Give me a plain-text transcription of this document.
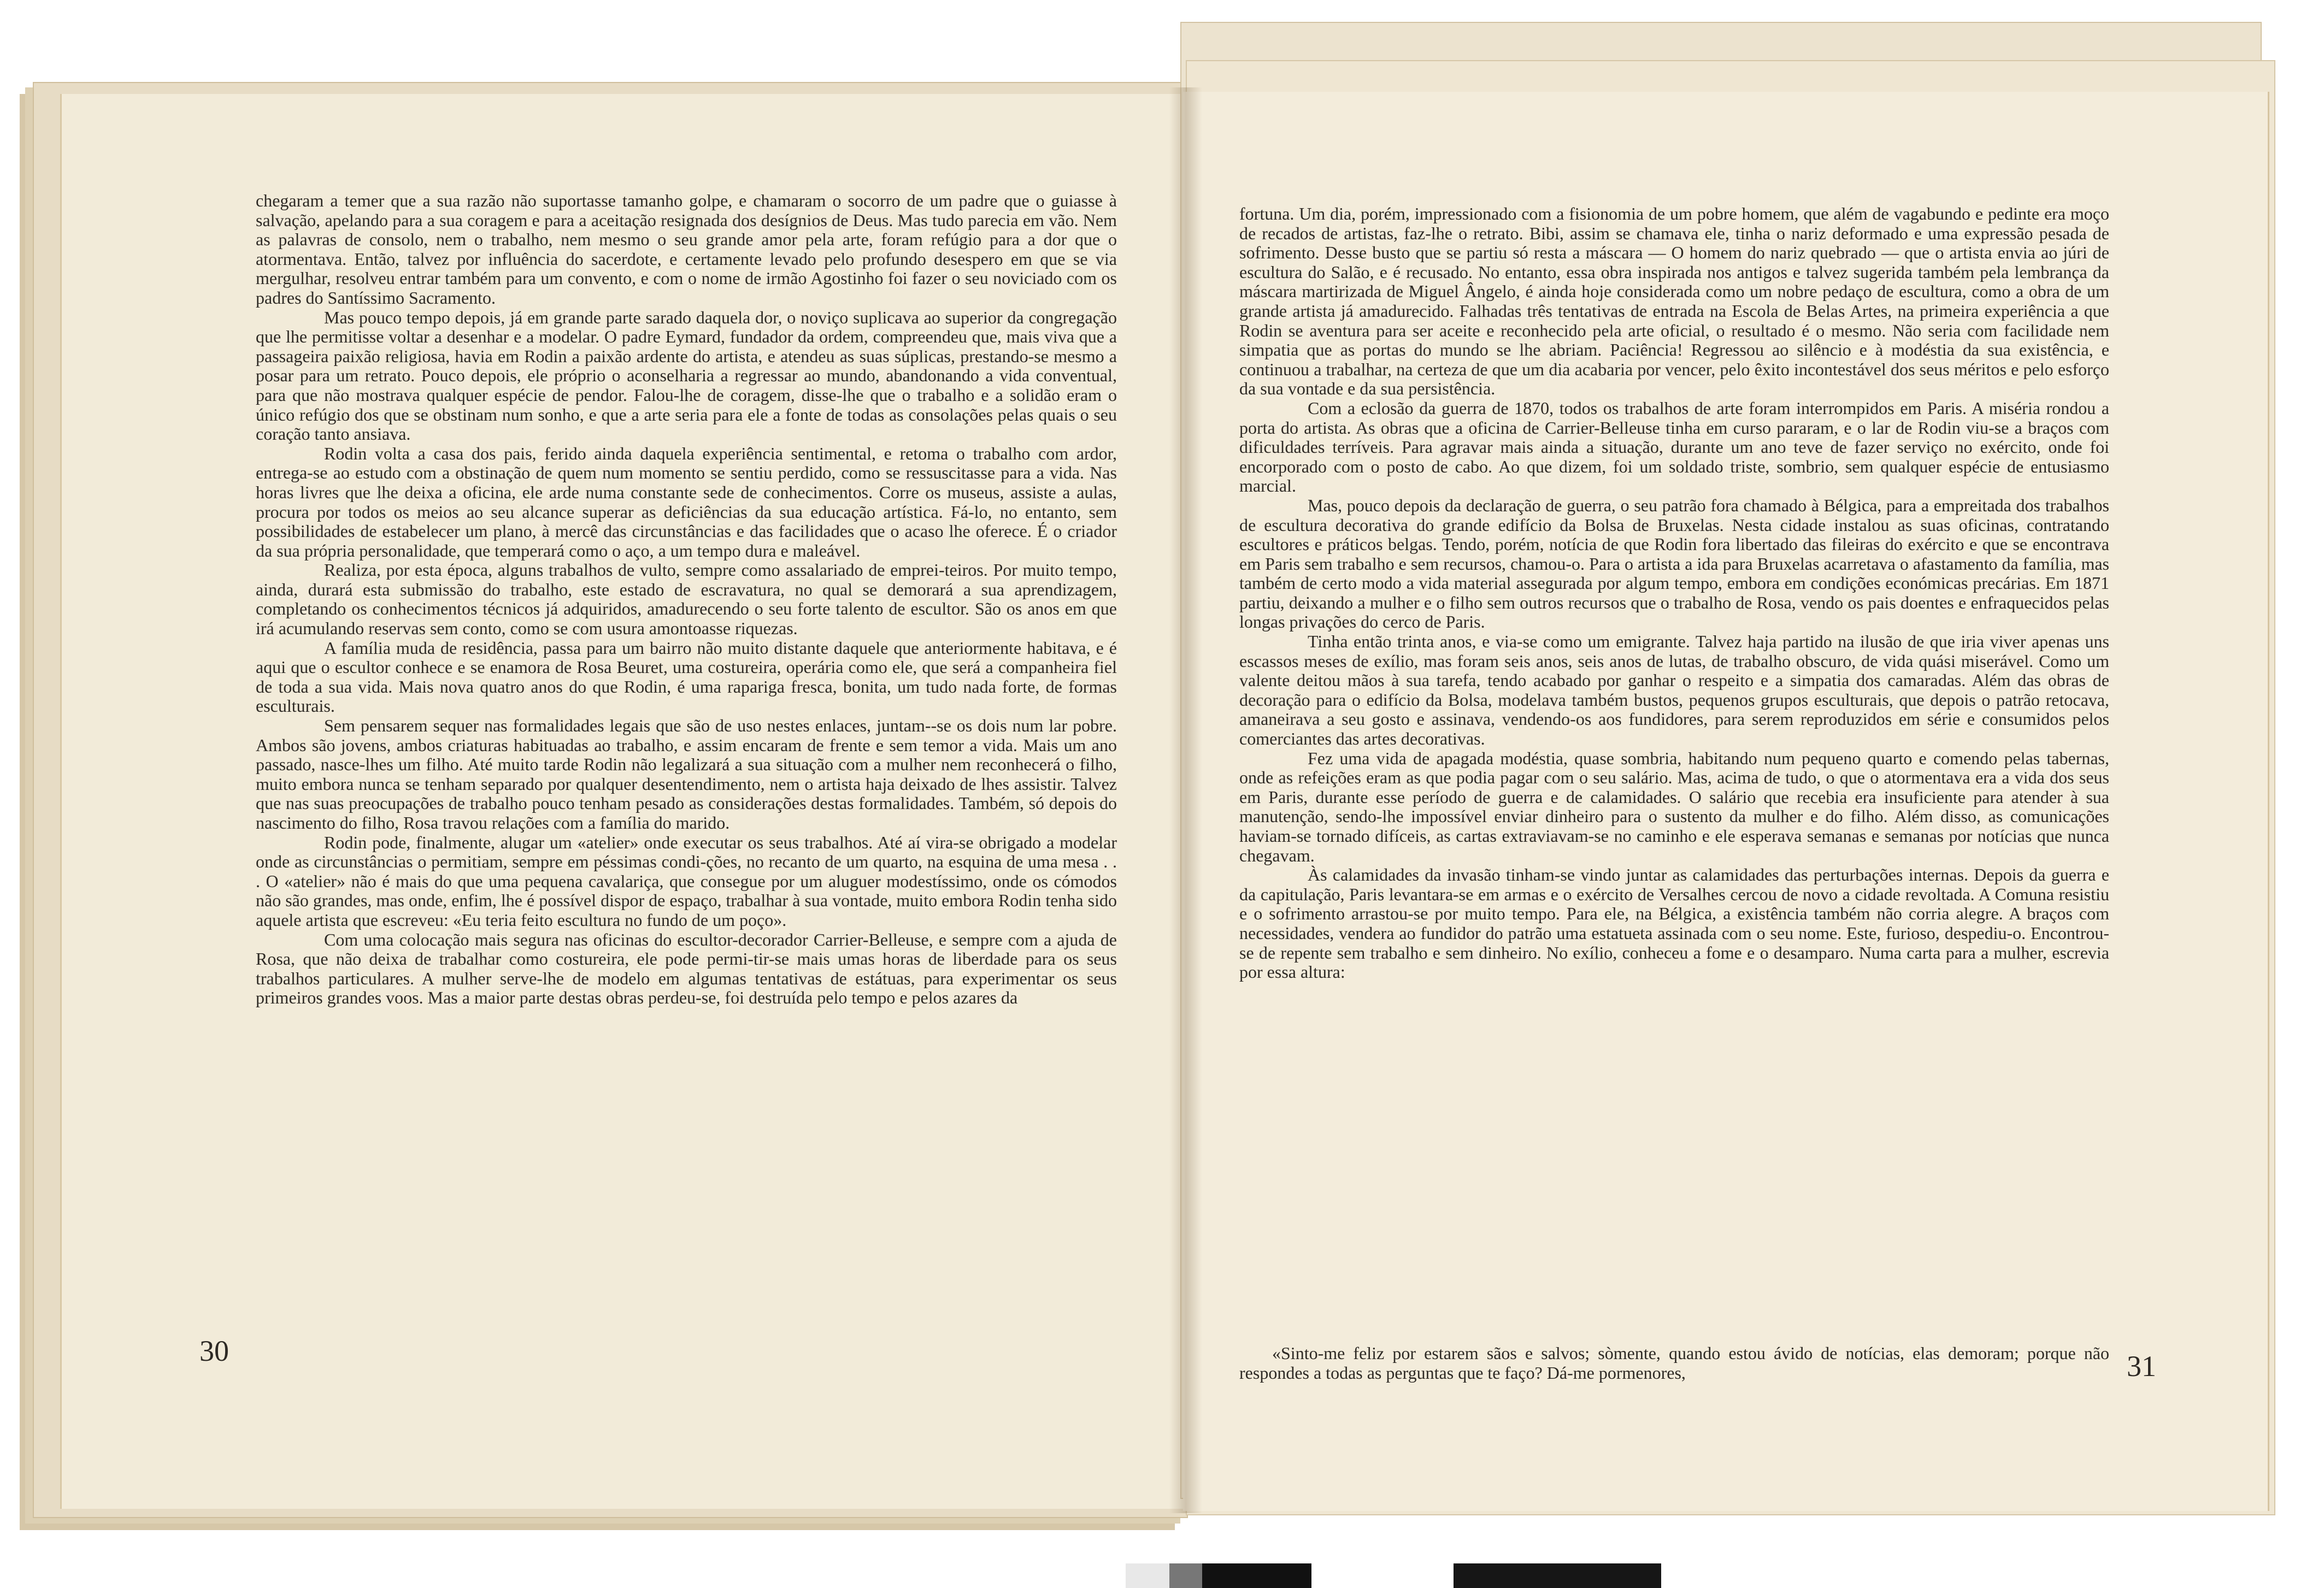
chegaram a temer que a sua razão não suportasse tamanho golpe, e chamaram o socorro de um padre que o guiasse à salvação, apelando para a sua coragem e para a aceitação resignada dos desígnios de Deus. Mas tudo parecia em vão. Nem as palavras de consolo, nem o trabalho, nem mesmo o seu grande amor pela arte, foram refúgio para a dor que o atormentava. Então, talvez por influência do sacerdote, e certamente levado pelo profundo desespero em que se via mergulhar, resolveu entrar também para um convento, e com o nome de irmão Agostinho foi fazer o seu noviciado com os padres do Santíssimo Sacramento.

Mas pouco tempo depois, já em grande parte sarado daquela dor, o noviço suplicava ao superior da congregação que lhe permitisse voltar a desenhar e a modelar. O padre Eymard, fundador da ordem, compreendeu que, mais viva que a passageira paixão religiosa, havia em Rodin a paixão ardente do artista, e atendeu as suas súplicas, prestando-se mesmo a posar para um retrato. Pouco depois, ele próprio o aconselharia a regressar ao mundo, abandonando a vida conventual, para que não mostrava qualquer espécie de pendor. Falou-lhe de coragem, disse-lhe que o trabalho e a solidão eram o único refúgio dos que se obstinam num sonho, e que a arte seria para ele a fonte de todas as consolações pelas quais o seu coração tanto ansiava.

Rodin volta a casa dos pais, ferido ainda daquela experiência sentimental, e retoma o trabalho com ardor, entrega-se ao estudo com a obstinação de quem num momento se sentiu perdido, como se ressuscitasse para a vida. Nas horas livres que lhe deixa a oficina, ele arde numa constante sede de conhecimentos. Corre os museus, assiste a aulas, procura por todos os meios ao seu alcance superar as deficiências da sua educação artística. Fá-lo, no entanto, sem possibilidades de estabelecer um plano, à mercê das circunstâncias e das facilidades que o acaso lhe oferece. É o criador da sua própria personalidade, que temperará como o aço, a um tempo dura e maleável.

Realiza, por esta época, alguns trabalhos de vulto, sempre como assalariado de emprei-teiros. Por muito tempo, ainda, durará esta submissão do trabalho, este estado de escravatura, no qual se demorará a sua aprendizagem, completando os conhecimentos técnicos já adquiridos, amadurecendo o seu forte talento de escultor. São os anos em que irá acumulando reservas sem conto, como se com usura amontoasse riquezas.

A família muda de residência, passa para um bairro não muito distante daquele que anteriormente habitava, e é aqui que o escultor conhece e se enamora de Rosa Beuret, uma costureira, operária como ele, que será a companheira fiel de toda a sua vida. Mais nova quatro anos do que Rodin, é uma rapariga fresca, bonita, um tudo nada forte, de formas esculturais.

Sem pensarem sequer nas formalidades legais que são de uso nestes enlaces, juntam--se os dois num lar pobre. Ambos são jovens, ambos criaturas habituadas ao trabalho, e assim encaram de frente e sem temor a vida. Mais um ano passado, nasce-lhes um filho. Até muito tarde Rodin não legalizará a sua situação com a mulher nem reconhecerá o filho, muito embora nunca se tenham separado por qualquer desentendimento, nem o artista haja deixado de lhes assistir. Talvez que nas suas preocupações de trabalho pouco tenham pesado as considerações destas formalidades. Também, só depois do nascimento do filho, Rosa travou relações com a família do marido.

Rodin pode, finalmente, alugar um «atelier» onde executar os seus trabalhos. Até aí vira-se obrigado a modelar onde as circunstâncias o permitiam, sempre em péssimas condi-ções, no recanto de um quarto, na esquina de uma mesa . . . O «atelier» não é mais do que uma pequena cavalariça, que consegue por um aluguer modestíssimo, onde os cómodos não são grandes, mas onde, enfim, lhe é possível dispor de espaço, trabalhar à sua vontade, muito embora Rodin tenha sido aquele artista que escreveu: «Eu teria feito escultura no fundo de um poço».

Com uma colocação mais segura nas oficinas do escultor-decorador Carrier-Belleuse, e sempre com a ajuda de Rosa, que não deixa de trabalhar como costureira, ele pode permi-tir-se mais umas horas de liberdade para os seus trabalhos particulares. A mulher serve-lhe de modelo em algumas tentativas de estátuas, para experimentar os seus primeiros grandes voos. Mas a maior parte destas obras perdeu-se, foi destruída pelo tempo e pelos azares da

30

fortuna. Um dia, porém, impressionado com a fisionomia de um pobre homem, que além de vagabundo e pedinte era moço de recados de artistas, faz-lhe o retrato. Bibi, assim se chamava ele, tinha o nariz deformado e uma expressão pesada de sofrimento. Desse busto que se partiu só resta a máscara — O homem do nariz quebrado — que o artista envia ao júri de escultura do Salão, e é recusado. No entanto, essa obra inspirada nos antigos e talvez sugerida também pela lembrança da máscara martirizada de Miguel Ângelo, é ainda hoje considerada como um nobre pedaço de escultura, como a obra de um grande artista já amadurecido. Falhadas três tentativas de entrada na Escola de Belas Artes, na primeira experiência a que Rodin se aventura para ser aceite e reconhecido pela arte oficial, o resultado é o mesmo. Não seria com facilidade nem simpatia que as portas do mundo se lhe abriam. Paciência! Regressou ao silêncio e à modéstia da sua existência, e continuou a trabalhar, na certeza de que um dia acabaria por vencer, pelo êxito incontestável dos seus méritos e pelo esforço da sua vontade e da sua persistência.

Com a eclosão da guerra de 1870, todos os trabalhos de arte foram interrompidos em Paris. A miséria rondou a porta do artista. As obras que a oficina de Carrier-Belleuse tinha em curso pararam, e o lar de Rodin viu-se a braços com dificuldades terríveis. Para agravar mais ainda a situação, durante um ano teve de fazer serviço no exército, onde foi encorporado com o posto de cabo. Ao que dizem, foi um soldado triste, sombrio, sem qualquer espécie de entusiasmo marcial.

Mas, pouco depois da declaração de guerra, o seu patrão fora chamado à Bélgica, para a empreitada dos trabalhos de escultura decorativa do grande edifício da Bolsa de Bruxelas. Nesta cidade instalou as suas oficinas, contratando escultores e práticos belgas. Tendo, porém, notícia de que Rodin fora libertado das fileiras do exército e que se encontrava em Paris sem trabalho e sem recursos, chamou-o. Para o artista a ida para Bruxelas acarretava o afastamento da família, mas também de certo modo a vida material assegurada por algum tempo, embora em condições económicas precárias. Em 1871 partiu, deixando a mulher e o filho sem outros recursos que o trabalho de Rosa, vendo os pais doentes e enfraquecidos pelas longas privações do cerco de Paris.

Tinha então trinta anos, e via-se como um emigrante. Talvez haja partido na ilusão de que iria viver apenas uns escassos meses de exílio, mas foram seis anos, seis anos de lutas, de trabalho obscuro, de vida quási miserável. Como um valente deitou mãos à sua tarefa, tendo acabado por ganhar o respeito e a simpatia dos camaradas. Além das obras de decoração para o edifício da Bolsa, modelava também bustos, pequenos grupos esculturais, que depois o patrão retocava, amaneirava a seu gosto e assinava, vendendo-os aos fundidores, para serem reproduzidos em série e consumidos pelos comerciantes das artes decorativas.

Fez uma vida de apagada modéstia, quase sombria, habitando num pequeno quarto e comendo pelas tabernas, onde as refeições eram as que podia pagar com o seu salário. Mas, acima de tudo, o que o atormentava era a vida dos seus em Paris, durante esse período de guerra e de calamidades. O salário que recebia era insuficiente para atender à sua manutenção, sendo-lhe impossível enviar dinheiro para o sustento da mulher e do filho. Além disso, as comunicações haviam-se tornado difíceis, as cartas extraviavam-se no caminho e ele esperava semanas e semanas por notícias que nunca chegavam.

Às calamidades da invasão tinham-se vindo juntar as calamidades das perturbações internas. Depois da guerra e da capitulação, Paris levantara-se em armas e o exército de Versalhes cercou de novo a cidade revoltada. A Comuna resistiu e o sofrimento arrastou-se por muito tempo. Para ele, na Bélgica, a existência também não corria alegre. A braços com necessidades, vendera ao fundidor do patrão uma estatueta assinada com o seu nome. Este, furioso, despediu-o. Encontrou-se de repente sem trabalho e sem dinheiro. No exílio, conheceu a fome e o desamparo. Numa carta para a mulher, escrevia por essa altura:

«Sinto-me feliz por estarem sãos e salvos; sòmente, quando estou ávido de notícias, elas demoram; porque não respondes a todas as perguntas que te faço? Dá-me pormenores,	31
